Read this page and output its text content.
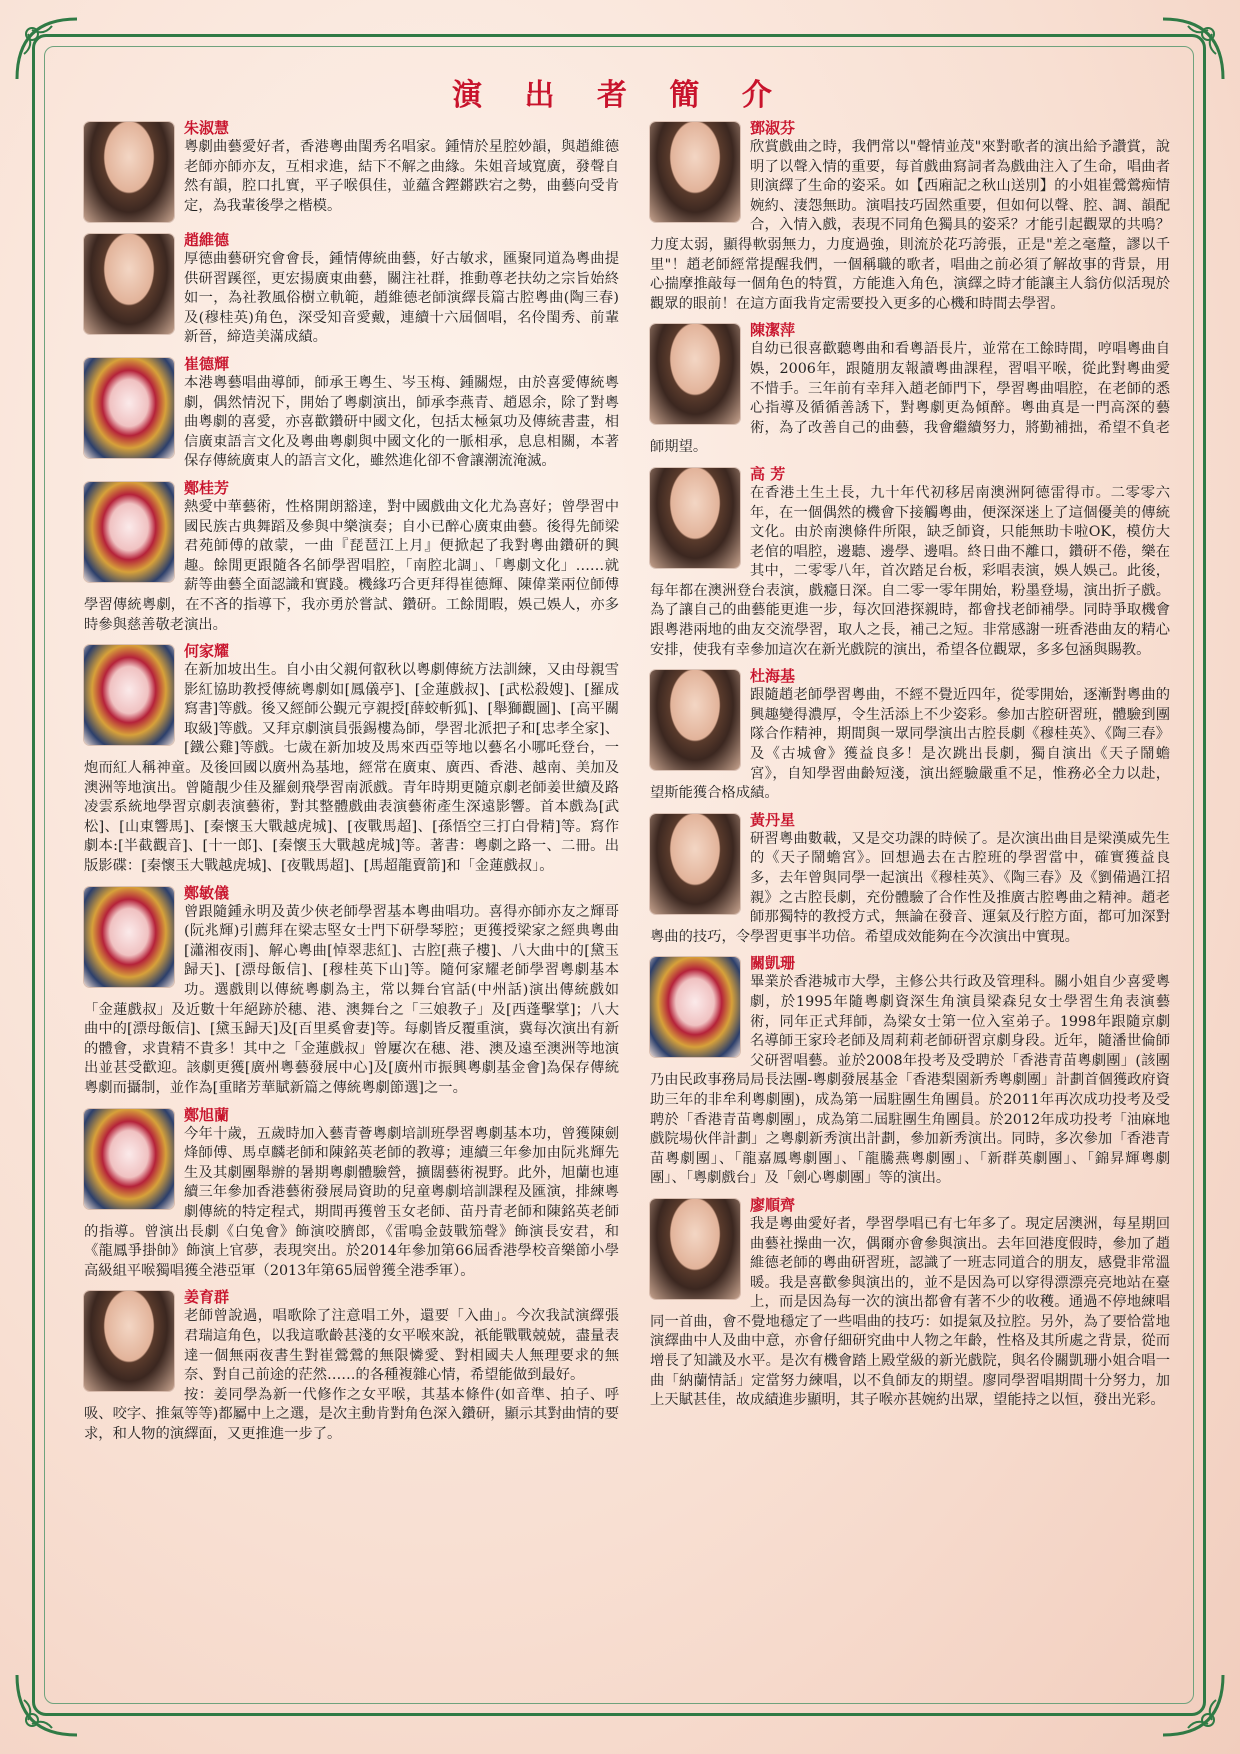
演 出 者 簡 介
朱淑慧
粵劇曲藝愛好者，香港粵曲閨秀名唱家。鍾情於星腔妙韻，與趙維德老師亦師亦友，互相求進，結下不解之曲緣。朱姐音域寬廣，發聲自然有韻，腔口扎實，平子喉俱佳，並蘊含鏗鏘跌宕之勢，曲藝向受肯定，為我輩後學之楷模。
趙維德
厚德曲藝研究會會長，鍾情傳統曲藝，好古敏求，匯聚同道為粵曲提供研習蹊徑，更宏揚廣東曲藝，關注社群，推動尊老扶幼之宗旨始終如一，為社教風俗樹立軌範，趙維德老師演繹長篇古腔粵曲(陶三春)及(穆桂英)角色，深受知音愛戴，連續十六屆個唱，名伶閨秀、前輩新晉，締造美滿成績。
崔德輝
本港粵藝唱曲導師，師承王粵生、岑玉梅、鍾關煜，由於喜愛傳統粵劇，偶然情況下，開始了粵劇演出，師承李燕青、趙恩余，除了對粵曲粵劇的喜愛，亦喜歡鑽研中國文化，包括太極氣功及傳統書畫，相信廣東語言文化及粵曲粵劇與中國文化的一脈相承，息息相關，本著保存傳統廣東人的語言文化，雖然進化卻不會讓潮流淹滅。
鄭桂芳
熱愛中華藝術，性格開朗豁達，對中國戲曲文化尤為喜好；曾學習中國民族古典舞蹈及參與中樂演奏；自小已醉心廣東曲藝。後得先師梁君苑師傅的啟蒙，一曲『琵琶江上月』便掀起了我對粵曲鑽研的興趣。餘閒更跟隨各名師學習唱腔，「南腔北調」、「粵劇文化」……就薪等曲藝全面認識和實踐。機緣巧合更拜得崔德輝、陳偉業兩位師傅學習傳統粵劇，在不吝的指導下，我亦勇於嘗試、鑽研。工餘閒暇，娛己娛人，亦多時參與慈善敬老演出。
何家耀
在新加坡出生。自小由父親何叡秋以粵劇傳統方法訓練，又由母親雪影紅協助教授傳統粵劇如[鳳儀亭]、[金蓮戲叔]、[武松殺嫂]、[羅成寫書]等戲。後又經師公覲元亨親授[薛蛟斬狐]、[舉獅觀圖]、[高平關取級]等戲。又拜京劇演員張錫樓為師，學習北派把子和[忠孝全家]、[鐵公雞]等戲。七歲在新加坡及馬來西亞等地以藝名小哪吒登台，一炮而紅人稱神童。及後回國以廣州為基地，經常在廣東、廣西、香港、越南、美加及澳洲等地演出。曾隨靚少佳及羅劍飛學習南派戲。青年時期更隨京劇老師姜世續及路凌雲系統地學習京劇表演藝術，對其整體戲曲表演藝術產生深遠影響。首本戲為[武松]、[山東響馬]、[秦懷玉大戰越虎城]、[夜戰馬超]、[孫悟空三打白骨精]等。寫作劇本:[半截觀音]、[十一郎]、[秦懷玉大戰越虎城]等。著書：粵劇之路一、二冊。出版影碟：[秦懷玉大戰越虎城]、[夜戰馬超]、[馬超龍賣箭]和「金蓮戲叔」。
鄭敏儀
曾跟隨鍾永明及黃少俠老師學習基本粵曲唱功。喜得亦師亦友之輝哥(阮兆輝)引薦拜在梁志堅女士門下研學琴腔；更獲授梁家之經典粵曲[瀟湘夜雨]、解心粵曲[悼翠悲紅]、古腔[燕子樓]、八大曲中的[黛玉歸天]、[漂母飯信]、[穆桂英下山]等。隨何家耀老師學習粵劇基本功。選戲則以傳統粵劇為主，常以舞台官話(中州話)演出傳統戲如「金蓮戲叔」及近數十年絕跡於穗、港、澳舞台之「三娘教子」及[西蓬擊掌]；八大曲中的[漂母飯信]、[黛玉歸天]及[百里奚會妻]等。每劇皆反覆重演，冀每次演出有新的體會，求貴精不貴多！其中之「金蓮戲叔」曾屢次在穗、港、澳及遠至澳洲等地演出並甚受歡迎。該劇更獲[廣州粵藝發展中心]及[廣州市振興粵劇基金會]為保存傳統粵劇而攝制，並作為[重睹芳華賦新篇之傳統粵劇節選]之一。
鄭旭蘭
今年十歲，五歲時加入藝青薈粵劇培訓班學習粵劇基本功，曾獲陳劍烽師傅、馬卓麟老師和陳銘英老師的教導；連續三年參加由阮兆輝先生及其劇團舉辦的暑期粵劇體驗營，擴闊藝術視野。此外，旭蘭也連續三年參加香港藝術發展局資助的兒童粵劇培訓課程及匯演，排練粵劇傳統的特定程式，期間再獲曾玉女老師、苗丹青老師和陳銘英老師的指導。曾演出長劇《白兔會》飾演咬臍郎，《雷鳴金鼓戰笳聲》飾演長安君，和《龍鳳爭掛帥》飾演上官夢，表現突出。於2014年參加第66屆香港學校音樂節小學高級組平喉獨唱獲全港亞軍（2013年第65屆曾獲全港季軍）。
姜育群
老師曾說過，唱歌除了注意唱工外，還要「入曲」。今次我試演繹張君瑞這角色，以我這歌齡甚淺的女平喉來說，祇能戰戰兢兢，盡量表達一個無兩夜書生對崔鶯鶯的無限憐愛、對相國夫人無理要求的無奈、對自己前途的茫然……的各種複雜心情，希望能做到最好。
按：姜同學為新一代修作之女平喉，其基本條件(如音準、拍子、呼吸、咬字、推氣等等)都屬中上之選，是次主動肯對角色深入鑽研，顯示其對曲情的要求，和人物的演繹面，又更推進一步了。
鄧淑芬
欣賞戲曲之時，我們常以"聲情並茂"來對歌者的演出給予讚賞，說明了以聲入情的重要，每首戲曲寫詞者為戲曲注入了生命，唱曲者則演繹了生命的姿采。如【西廂記之秋山送別】的小姐崔鶯鶯痴情婉約、淒怨無助。演唱技巧固然重要，但如何以聲、腔、調、韻配合，入情入戲，表現不同角色獨具的姿采？才能引起觀眾的共鳴？力度太弱，顯得軟弱無力，力度過強，則流於花巧誇張，正是"差之毫釐，謬以千里"！趙老師經常提醒我們，一個稱職的歌者，唱曲之前必須了解故事的背景，用心揣摩推敲每一個角色的特質，方能進入角色，演繹之時才能讓主人翁仿似活現於觀眾的眼前！在這方面我肯定需要投入更多的心機和時間去學習。
陳潔萍
自幼已很喜歡聽粵曲和看粵語長片，並常在工餘時間，哼唱粵曲自娛，2006年，跟隨朋友報讀粵曲課程，習唱平喉，從此對粵曲愛不惜手。三年前有幸拜入趙老師門下，學習粵曲唱腔，在老師的悉心指導及循循善誘下，對粵劇更為傾醉。粵曲真是一門高深的藝術，為了改善自己的曲藝，我會繼續努力，將勤補拙，希望不負老師期望。
高 芳
在香港土生土長，九十年代初移居南澳洲阿德雷得市。二零零六年，在一個偶然的機會下接觸粵曲，便深深迷上了這個優美的傳統文化。由於南澳條件所限，缺乏師資，只能無助卡啦OK，模仿大老倌的唱腔，邊聽、邊學、邊唱。終日曲不離口，鑽研不倦，樂在其中，二零零八年，首次踏足台板，彩唱表演，娛人娛己。此後，每年都在澳洲登台表演，戲癮日深。自二零一零年開始，粉墨登場，演出折子戲。為了讓自己的曲藝能更進一步，每次回港探親時，都會找老師補學。同時爭取機會跟粵港兩地的曲友交流學習，取人之長，補己之短。非常感謝一班香港曲友的精心安排，使我有幸參加這次在新光戲院的演出，希望各位觀眾，多多包涵與賜教。
杜海基
跟隨趙老師學習粵曲，不經不覺近四年，從零開始，逐漸對粵曲的興趣變得濃厚，令生活添上不少姿彩。參加古腔研習班，體驗到團隊合作精神，期間與一眾同學演出古腔長劇《穆桂英》、《陶三春》及《古城會》獲益良多！是次跳出長劇，獨自演出《天子鬧蟾宮》，自知學習曲齡短淺，演出經驗嚴重不足，惟務必全力以赴，望斯能獲合格成績。
黃丹星
研習粵曲數載，又是交功課的時候了。是次演出曲目是梁漢威先生的《天子鬧蟾宮》。回想過去在古腔班的學習當中，確實獲益良多，去年曾與同學一起演出《穆桂英》、《陶三春》及《劉備過江招親》之古腔長劇，充份體驗了合作性及推廣古腔粵曲之精神。趙老師那獨特的教授方式，無論在發音、運氣及行腔方面，都可加深對粵曲的技巧，令學習更事半功倍。希望成效能夠在今次演出中實現。
關凱珊
畢業於香港城市大學，主修公共行政及管理科。關小姐自少喜愛粵劇，於1995年隨粵劇資深生角演員梁森兒女士學習生角表演藝術，同年正式拜師，為梁女士第一位入室弟子。1998年跟隨京劇名導師王家玲老師及周莉莉老師研習京劇身段。近年，隨潘世倫師父研習唱藝。並於2008年投考及受聘於「香港青苗粵劇團」(該團乃由民政事務局局長法團-粵劇發展基金「香港梨園新秀粵劇團」計劃首個獲政府資助三年的非牟利粵劇團)，成為第一屆駐團生角團員。於2011年再次成功投考及受聘於「香港青苗粵劇團」，成為第二屆駐團生角團員。於2012年成功投考「油麻地戲院場伙伴計劃」之粵劇新秀演出計劃，參加新秀演出。同時，多次參加「香港青苗粵劇團」、「龍嘉鳳粵劇團」、「龍騰燕粵劇團」、「新群英劇團」、「錦昇輝粵劇團」、「粵劇戲台」及「劍心粵劇團」等的演出。
廖順齊
我是粵曲愛好者，學習學唱已有七年多了。現定居澳洲，每星期回曲藝社操曲一次，偶爾亦會參與演出。去年回港度假時，參加了趙維德老師的粵曲研習班，認識了一班志同道合的朋友，感覺非常溫暖。我是喜歡參與演出的，並不是因為可以穿得漂漂亮亮地站在臺上，而是因為每一次的演出都會有著不少的收穫。通過不停地練唱同一首曲，會不覺地穩定了一些唱曲的技巧：如提氣及拉腔。另外，為了要恰當地演繹曲中人及曲中意，亦會仔細研究曲中人物之年齡，性格及其所處之背景，從而增長了知識及水平。是次有機會踏上殿堂級的新光戲院，與名伶關凱珊小姐合唱一曲「納蘭情話」定當努力練唱，以不負師友的期望。廖同學習唱期間十分努力，加上天賦甚佳，故成績進步顯明，其子喉亦甚婉約出眾，望能持之以恒，發出光彩。
